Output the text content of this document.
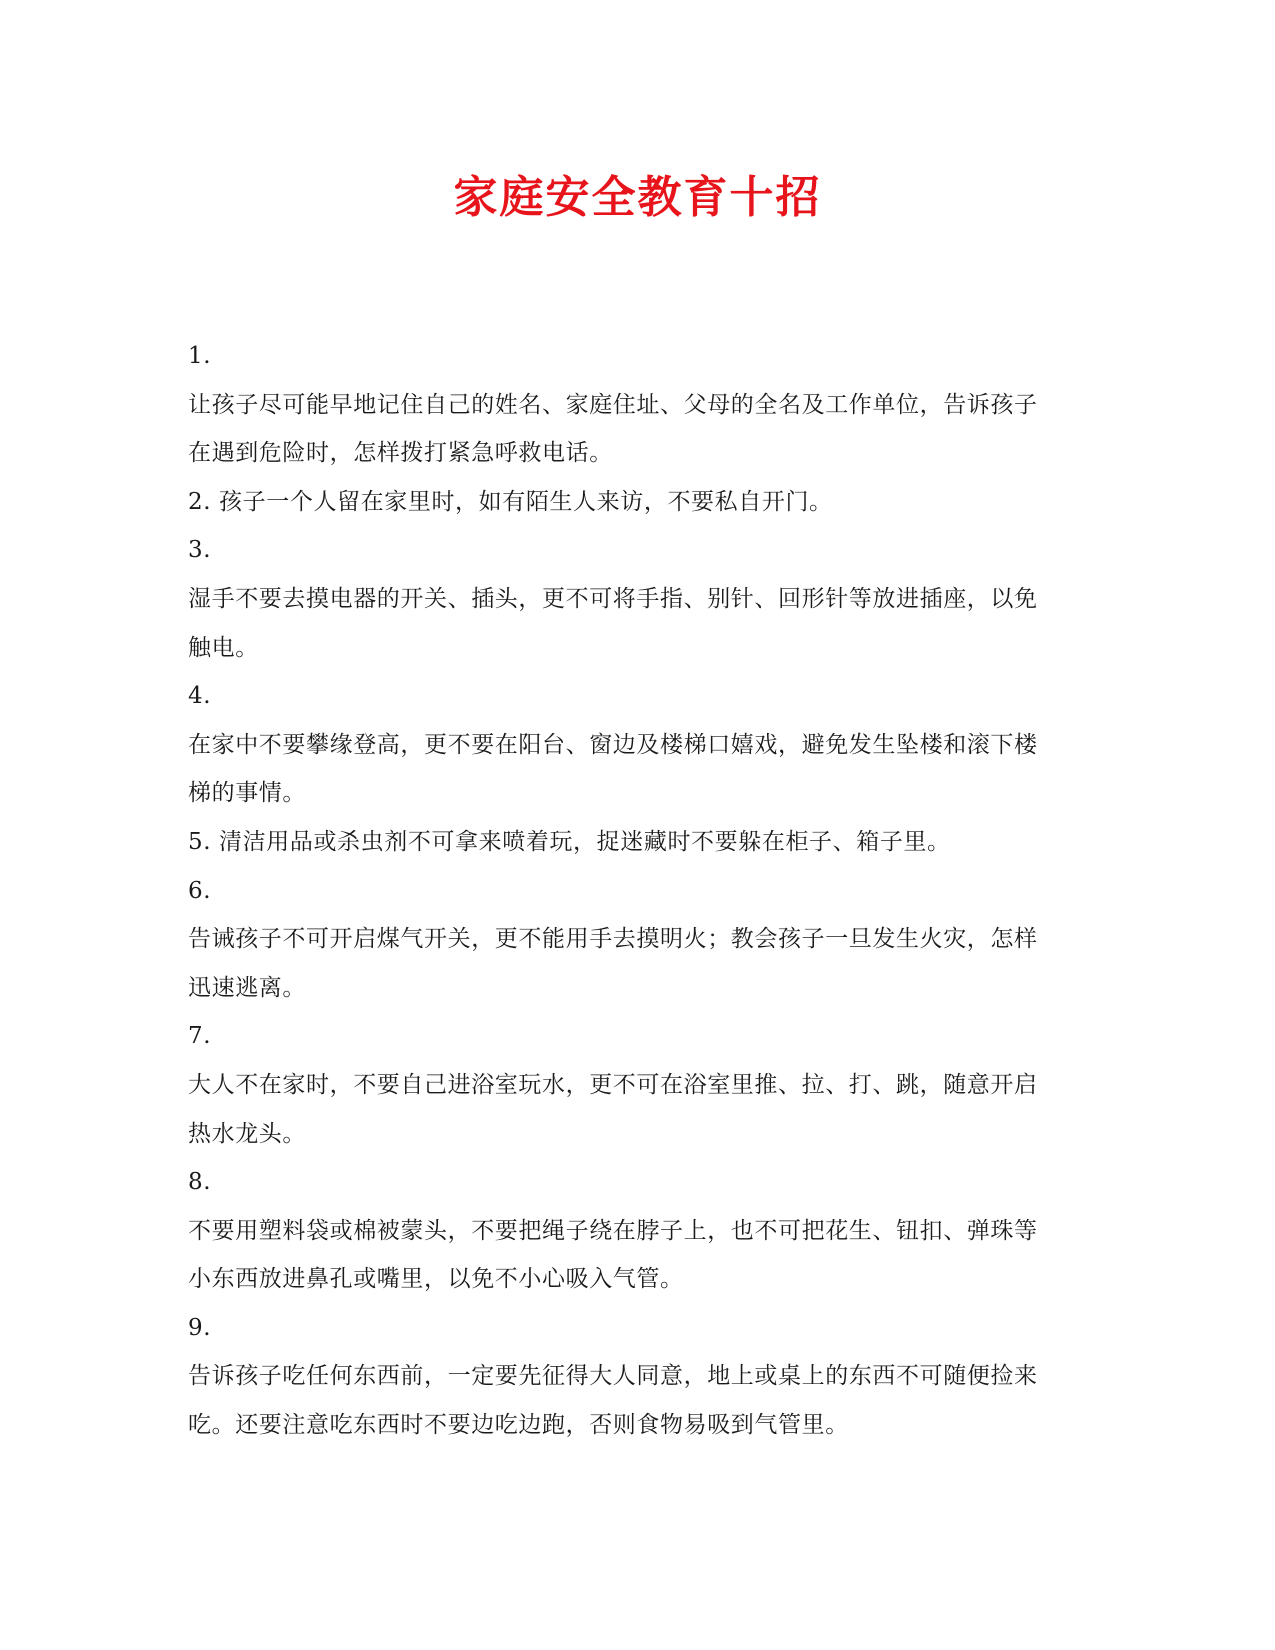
家庭安全教育十招
1.
让孩子尽可能早地记住自己的姓名、家庭住址、父母的全名及工作单位，告诉孩子
在遇到危险时，怎样拨打紧急呼救电话。
2. 孩子一个人留在家里时，如有陌生人来访，不要私自开门。
3.
湿手不要去摸电器的开关、插头，更不可将手指、别针、回形针等放进插座，以免
触电。
4.
在家中不要攀缘登高，更不要在阳台、窗边及楼梯口嬉戏，避免发生坠楼和滚下楼
梯的事情。
5. 清洁用品或杀虫剂不可拿来喷着玩，捉迷藏时不要躲在柜子、箱子里。
6.
告诫孩子不可开启煤气开关，更不能用手去摸明火；教会孩子一旦发生火灾，怎样
迅速逃离。
7.
大人不在家时，不要自己进浴室玩水，更不可在浴室里推、拉、打、跳，随意开启
热水龙头。
8.
不要用塑料袋或棉被蒙头，不要把绳子绕在脖子上，也不可把花生、钮扣、弹珠等
小东西放进鼻孔或嘴里，以免不小心吸入气管。
9.
告诉孩子吃任何东西前，一定要先征得大人同意，地上或桌上的东西不可随便捡来
吃。还要注意吃东西时不要边吃边跑，否则食物易吸到气管里。
